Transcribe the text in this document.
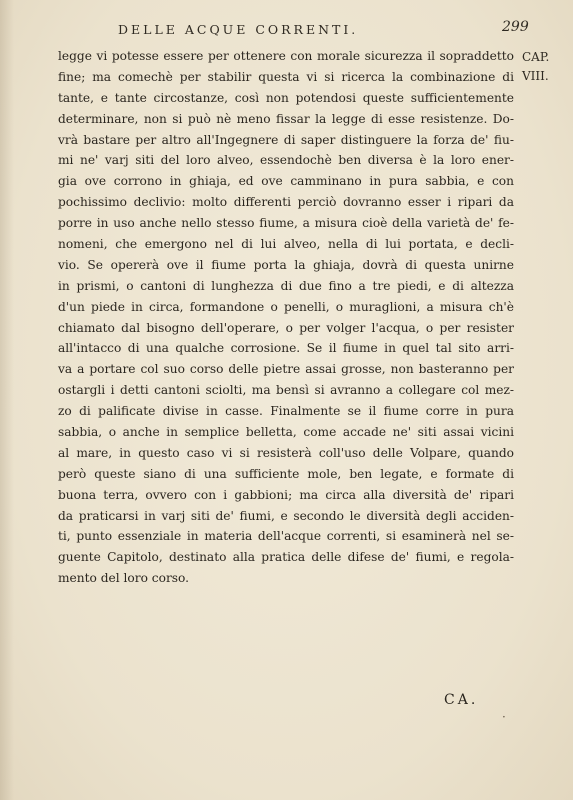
DELLE ACQUE CORRENTI.	299
CAP.
VIII.
legge vi potesse essere per ottenere con morale sicurezza il sopraddetto
fine; ma comechè per stabilir questa vi si ricerca la combinazione di
tante, e tante circostanze, così non potendosi queste sufficientemente
determinare, non si può nè meno fissar la legge di esse resistenze. Do-
vrà bastare per altro all'Ingegnere di saper distinguere la forza de' fiu-
mi ne' varj siti del loro alveo, essendochè ben diversa è la loro ener-
gia ove corrono in ghiaja, ed ove camminano in pura sabbia, e con
pochissimo declivio: molto differenti perciò dovranno esser i ripari da
porre in uso anche nello stesso fiume, a misura cioè della varietà de' fe-
nomeni, che emergono nel di lui alveo, nella di lui portata, e decli-
vio. Se opererà ove il fiume porta la ghiaja, dovrà di questa unirne
in prismi, o cantoni di lunghezza di due fino a tre piedi, e di altezza
d'un piede in circa, formandone o penelli, o muraglioni, a misura ch'è
chiamato dal bisogno dell'operare, o per volger l'acqua, o per resister
all'intacco di una qualche corrosione. Se il fiume in quel tal sito arri-
va a portare col suo corso delle pietre assai grosse, non basteranno per
ostargli i detti cantoni sciolti, ma bensì si avranno a collegare col mez-
zo di palificate divise in casse. Finalmente se il fiume corre in pura
sabbia, o anche in semplice belletta, come accade ne' siti assai vicini
al mare, in questo caso vi si resisterà coll'uso delle Volpare, quando
però queste siano di una sufficiente mole, ben legate, e formate di
buona terra, ovvero con i gabbioni; ma circa alla diversità de' ripari
da praticarsi in varj siti de' fiumi, e secondo le diversità degli acciden-
ti, punto essenziale in materia dell'acque correnti, si esaminerà nel se-
guente Capitolo, destinato alla pratica delle difese de' fiumi, e regola-
mento del loro corso.
CA.
·
